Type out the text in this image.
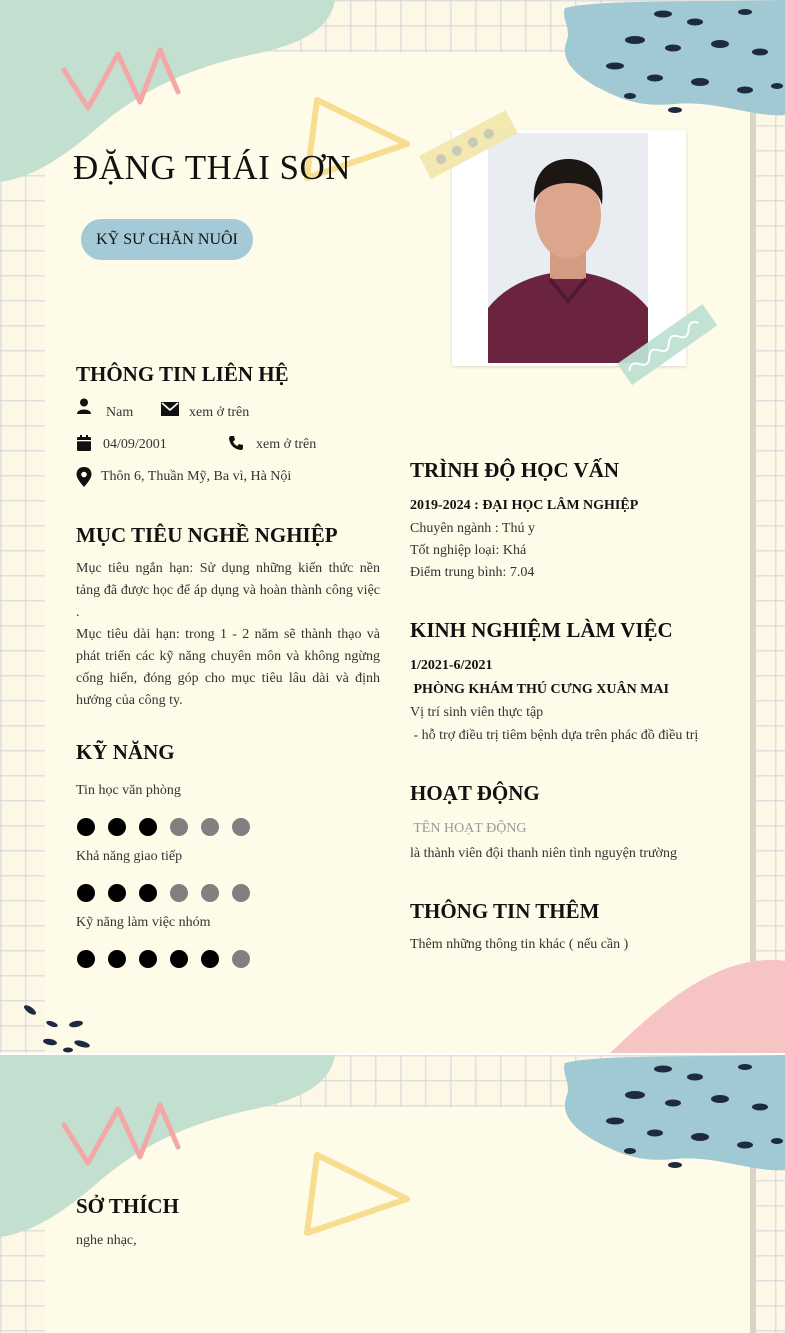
ĐẶNG THÁI SƠN
KỸ SƯ CHĂN NUÔI
THÔNG TIN LIÊN HỆ
Nam	xem ở trên
04/09/2001	xem ở trên
Thôn 6, Thuần Mỹ, Ba vì, Hà Nội
MỤC TIÊU NGHỀ NGHIỆP
Mục tiêu ngắn hạn: Sử dụng những kiến thức nền tảng đã được học để áp dụng và hoàn thành công việc .
Mục tiêu dài hạn: trong 1 - 2 năm sẽ thành thạo và phát triển các kỹ năng chuyên môn và không ngừng cống hiến, đóng góp cho mục tiêu lâu dài và định hướng của công ty.
KỸ NĂNG
Tin học văn phòng
Khả năng giao tiếp
Kỹ năng làm việc nhóm
TRÌNH ĐỘ HỌC VẤN
2019-2024 : ĐẠI HỌC LÂM NGHIỆP
Chuyên ngành : Thú y
Tốt nghiệp loại: Khá
Điểm trung bình: 7.04
KINH NGHIỆM LÀM VIỆC
1/2021-6/2021
PHÒNG KHÁM THÚ CƯNG XUÂN MAI
Vị trí sinh viên thực tập
- hỗ trợ điều trị tiêm bệnh dựa trên phác đồ điều trị
HOẠT ĐỘNG
TÊN HOẠT ĐỘNG
là thành viên đội thanh niên tình nguyện trường
THÔNG TIN THÊM
Thêm những thông tin khác ( nếu cần )
SỞ THÍCH
nghe nhạc,
